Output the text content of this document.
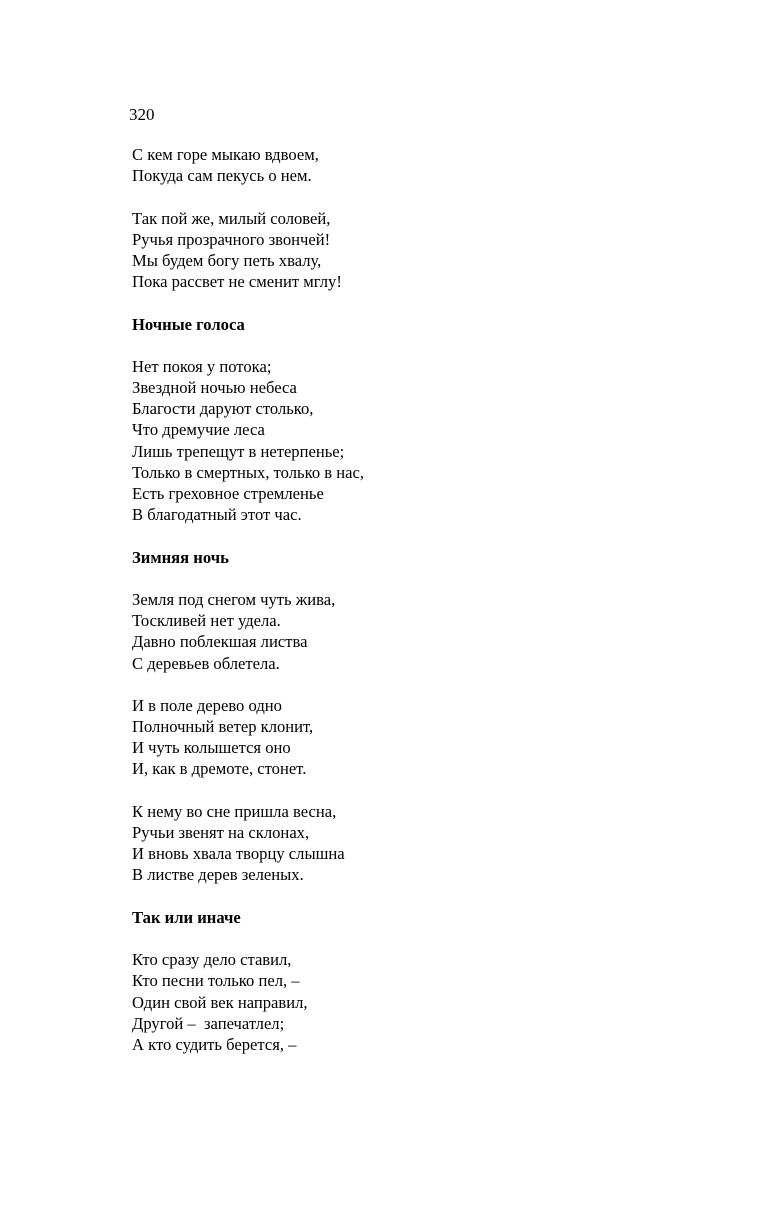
320
С кем горе мыкаю вдвоем,
Покуда сам пекусь о нем.
Так пой же, милый соловей,
Ручья прозрачного звончей!
Мы будем богу петь хвалу,
Пока рассвет не сменит мглу!
Ночные голоса
Нет покоя у потока;
Звездной ночью небеса
Благости даруют столько,
Что дремучие леса
Лишь трепещут в нетерпенье;
Только в смертных, только в нас,
Есть греховное стремленье
В благодатный этот час.
Зимняя ночь
Земля под снегом чуть жива,
Тоскливей нет удела.
Давно поблекшая листва
С деревьев облетела.
И в поле дерево одно
Полночный ветер клонит,
И чуть колышется оно
И, как в дремоте, стонет.
К нему во сне пришла весна,
Ручьи звенят на склонах,
И вновь хвала творцу слышна
В листве дерев зеленых.
Так или иначе
Кто сразу дело ставил,
Кто песни только пел, –
Один свой век направил,
Другой –  запечатлел;
А кто судить берется, –
